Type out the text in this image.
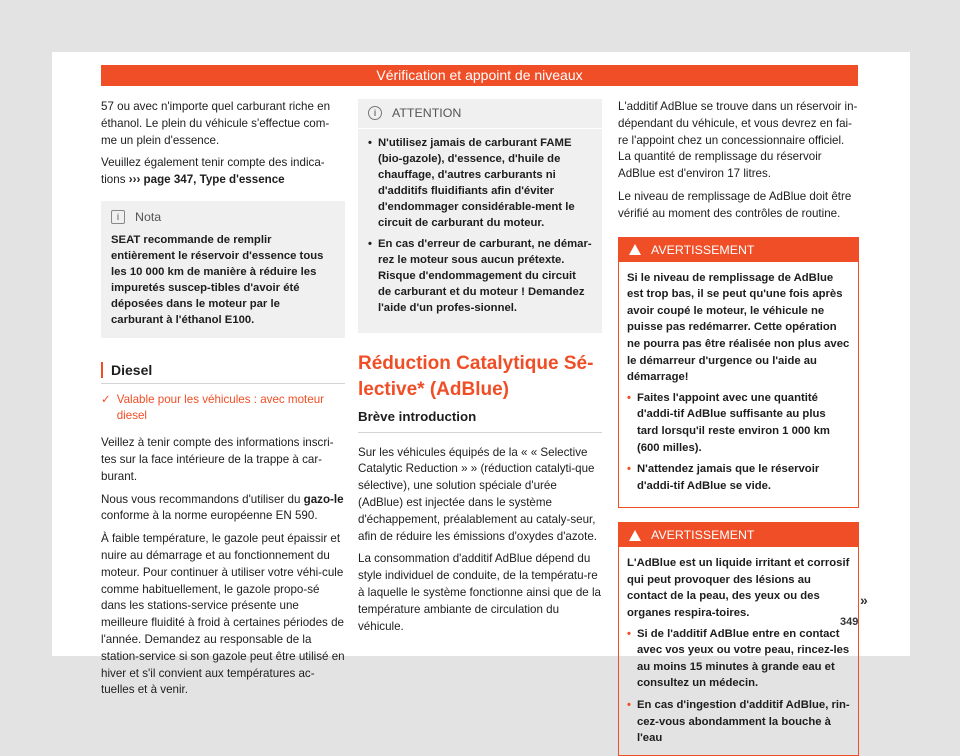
Vérification et appoint de niveaux

57 ou avec n'importe quel carburant riche en éthanol. Le plein du véhicule s'effectue com-me un plein d'essence.

Veuillez également tenir compte des indica-tions ››› page 347, Type d'essence

i	Nota
SEAT recommande de remplir entièrement le réservoir d'essence tous les 10 000 km de manière à réduire les impuretés suscep-tibles d'avoir été déposées dans le moteur par le carburant à l'éthanol E100.
Diesel
✓ Valable pour les véhicules : avec moteur diesel

Veillez à tenir compte des informations inscri-tes sur la face intérieure de la trappe à car-burant.

Nous vous recommandons d'utiliser du gazo-le conforme à la norme européenne EN 590.

À faible température, le gazole peut épaissir et nuire au démarrage et au fonctionnement du moteur. Pour continuer à utiliser votre véhi-cule comme habituellement, le gazole propo-sé dans les stations-service présente une meilleure fluidité à froid à certaines périodes de l'année. Demandez au responsable de la station-service si son gazole peut être utilisé en hiver et s'il convient aux températures ac-tuelles et à venir.

i	ATTENTION
• N'utilisez jamais de carburant FAME (bio-gazole), d'essence, d'huile de chauffage, d'autres carburants ni d'additifs fluidifiants afin d'éviter d'endommager considérable-ment le circuit de carburant du moteur.
• En cas d'erreur de carburant, ne démar-rez le moteur sous aucun prétexte. Risque d'endommagement du circuit de carburant et du moteur ! Demandez l'aide d'un profes-sionnel.
Réduction Catalytique Sé-lective* (AdBlue)
Brève introduction

Sur les véhicules équipés de la « « Selective Catalytic Reduction » » (réduction catalyti-que sélective), une solution spéciale d'urée (AdBlue) est injectée dans le système d'échappement, préalablement au cataly-seur, afin de réduire les émissions d'oxydes d'azote.

La consommation d'additif AdBlue dépend du style individuel de conduite, de la températu-re à laquelle le système fonctionne ainsi que de la température ambiante de circulation du véhicule.

L'additif AdBlue se trouve dans un réservoir in-dépendant du véhicule, et vous devrez en fai-re l'appoint chez un concessionnaire officiel. La quantité de remplissage du réservoir AdBlue est d'environ 17 litres.

Le niveau de remplissage de AdBlue doit être vérifié au moment des contrôles de routine.

AVERTISSEMENT

Si le niveau de remplissage de AdBlue est trop bas, il se peut qu'une fois après avoir coupé le moteur, le véhicule ne puisse pas redémarrer. Cette opération ne pourra pas être réalisée non plus avec le démarreur d'urgence ou l'aide au démarrage!

• Faites l'appoint avec une quantité d'addi-tif AdBlue suffisante au plus tard lorsqu'il reste environ 1 000 km (600 milles).
• N'attendez jamais que le réservoir d'addi-tif AdBlue se vide.
AVERTISSEMENT

L'AdBlue est un liquide irritant et corrosif qui peut provoquer des lésions au contact de la peau, des yeux ou des organes respira-toires.

• Si de l'additif AdBlue entre en contact avec vos yeux ou votre peau, rincez-les au moins 15 minutes à grande eau et consultez un médecin.
• En cas d'ingestion d'additif AdBlue, rin-cez-vous abondamment la bouche à l'eau
»
349
